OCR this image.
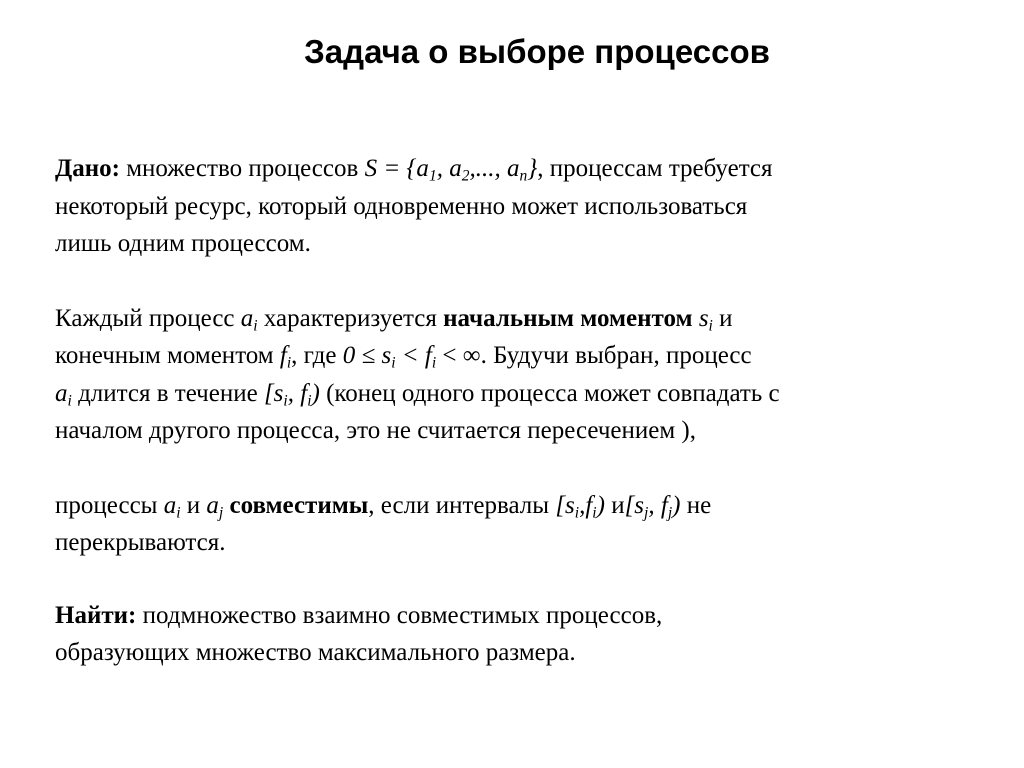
Задача о выборе процессов

Дано: множество процессов $S = \{a_1$, $a_2$,..., $a_n$}, процессам требуется
некоторый ресурс, который одновременно может использоваться
лишь одним процессом.

Каждый процесс $a_i$ характеризуется начальным моментом $s_i$ и
конечным моментом $f_i$, где $0 \le s_i < f_i$ < ∞. Будучи выбран, процесс
$a_i$ длится в течение [$s_i$, $f_i$) (конец одного процесса может совпадать с
началом другого процесса, это не считается пересечением ),

процессы $a_i$ и $a_j$ совместимы, если интервалы $[s_i,f_i)$ $и[s_j$, $f_j$) не
перекрываются.

Найти: подмножество взаимно совместимых процессов,
образующих множество максимального размера.
